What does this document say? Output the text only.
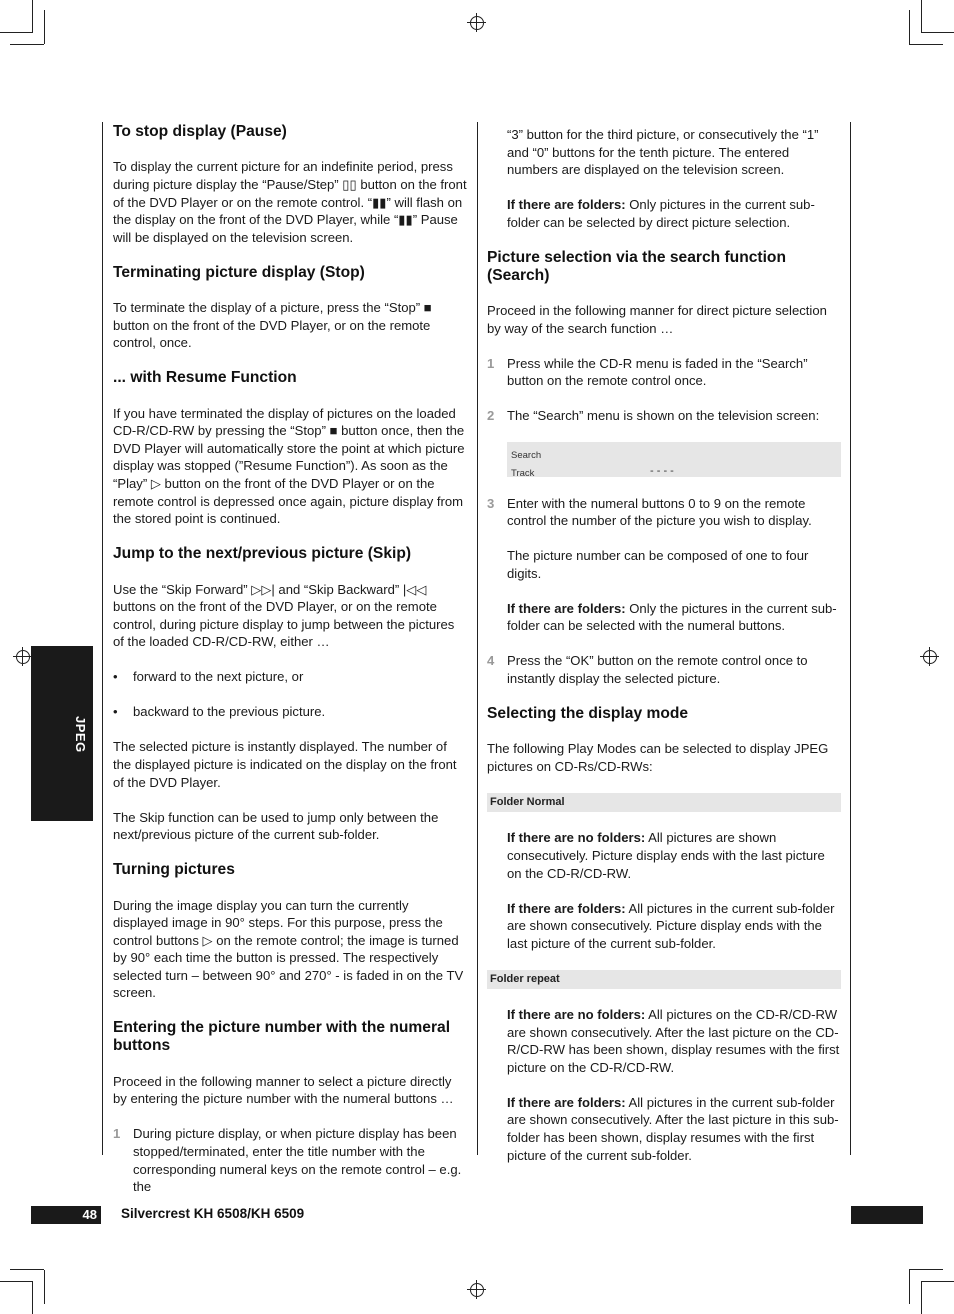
JPEG
To stop display (Pause)

To display the current picture for an indefinite period, press during picture display the “Pause/Step” ▯▯ button on the front of the DVD Player or on the remote control. “▮▮” will flash on the display on the front of the DVD Player, while “▮▮” Pause will be displayed on the television screen.

Terminating picture display (Stop)

To terminate the display of a picture, press the “Stop” ■ button on the front of the DVD Player, or on the remote control, once.

... with Resume Function

If you have terminated the display of pictures on the loaded CD-R/CD-RW by pressing the “Stop” ■ button once, then the DVD Player will automatically store the point at which picture display was stopped (”Resume Function”). As soon as the “Play” ▷ button on the front of the DVD Player or on the remote control is depressed once again, picture display from the stored point is continued.

Jump to the next/previous picture (Skip)

Use the “Skip Forward” ▷▷| and “Skip Backward” |◁◁ buttons on the front of the DVD Player, or on the remote control, during picture display to jump between the pictures of the loaded CD-R/CD-RW, either …

•	forward to the next picture, or
•	backward to the previous picture.

The selected picture is instantly displayed. The number of the displayed picture is indicated on the display on the front of the DVD Player.

The Skip function can be used to jump only between the next/previous picture of the current sub-folder.

Turning pictures

During the image display you can turn the currently displayed image in 90° steps. For this purpose, press the control buttons ▷ on the remote control; the image is turned by 90° each time the button is pressed. The respectively selected turn – between 90° and 270° - is faded in on the TV screen.

Entering the picture number with the numeral buttons

Proceed in the following manner to select a picture directly by entering the picture number with the numeral buttons …

1 During picture display, or when picture display has been stopped/terminated, enter the title number with the corresponding numeral keys on the remote control – e.g. the

“3” button for the third picture, or consecutively the “1” and “0” buttons for the tenth picture. The entered numbers are displayed on the television screen.

If there are folders: Only pictures in the current sub-folder can be selected by direct picture selection.

Picture selection via the search function (Search)

Proceed in the following manner for direct picture selection by way of the search function …

1 Press while the CD-R menu is faded in the “Search” button on the remote control once.
2 The “Search” menu is shown on the television screen:
Search
Track	- - - -
3 Enter with the numeral buttons 0 to 9 on the remote control the number of the picture you wish to display.

The picture number can be composed of one to four digits.

If there are folders: Only the pictures in the current sub-folder can be selected with the numeral buttons.

4 Press the “OK” button on the remote control once to instantly display the selected picture.
Selecting the display mode

The following Play Modes can be selected to display JPEG pictures on CD-Rs/CD-RWs:

Folder Normal

If there are no folders: All pictures are shown consecutively. Picture display ends with the last picture on the CD-R/CD-RW.

If there are folders: All pictures in the current sub-folder are shown consecutively. Picture display ends with the last picture of the current sub-folder.

Folder repeat

If there are no folders: All pictures on the CD-R/CD-RW are shown consecutively. After the last picture on the CD-R/CD-RW has been shown, display resumes with the first picture on the CD-R/CD-RW.

If there are folders: All pictures in the current sub-folder are shown consecutively. After the last picture in this sub-folder has been shown, display resumes with the first picture of the current sub-folder.

48 Silvercrest KH 6508/KH 6509
